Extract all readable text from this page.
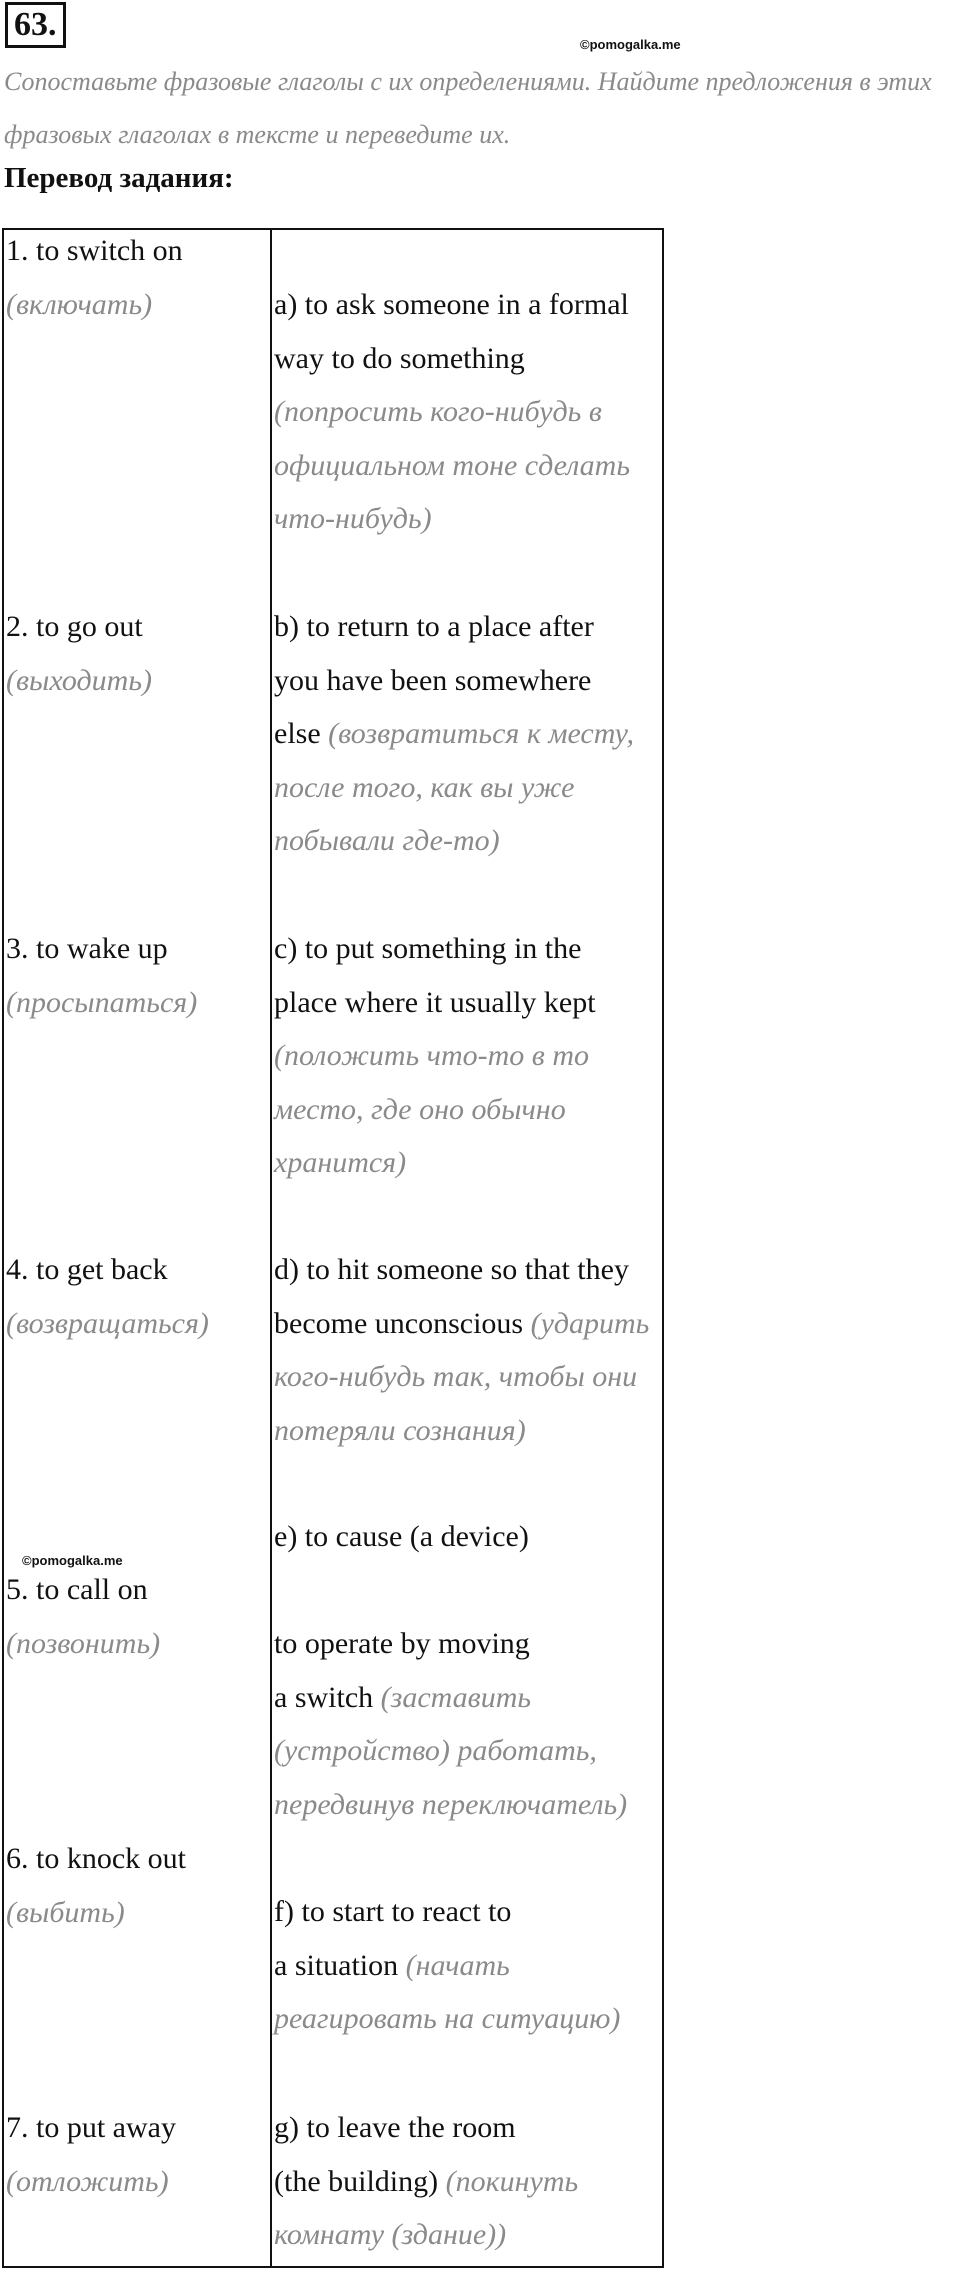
63.
©pomogalka.me
Сопоставьте фразовые глаголы с их определениями. Найдите предложения в этих фразовых глаголах в тексте и переведите их.
Перевод задания:
1. to switch on
(включать)
2. to go out
(выходить)
3. to wake up
(просыпаться)
4. to get back
(возвращаться)
©pomogalka.me
5. to call on
(позвонить)
6. to knock out
(выбить)
7. to put away
(отложить)
a) to ask someone in a formal
way to do something
(попросить кого-нибудь в
официальном тоне сделать
что-нибудь)
b) to return to a place after
you have been somewhere
else (возвратиться к месту,
после того, как вы уже
побывали где-то)
c) to put something in the
place where it usually kept
(положить что-то в то
место, где оно обычно
хранится)
d) to hit someone so that they
become unconscious (ударить
кого-нибудь так, чтобы они
потеряли сознания)
e) to cause (a device)

to operate by moving
a switch (заставить
(устройство) работать,
передвинув переключатель)
f) to start to react to
a situation (начать
реагировать на ситуацию)
g) to leave the room
(the building) (покинуть
комнату (здание))
